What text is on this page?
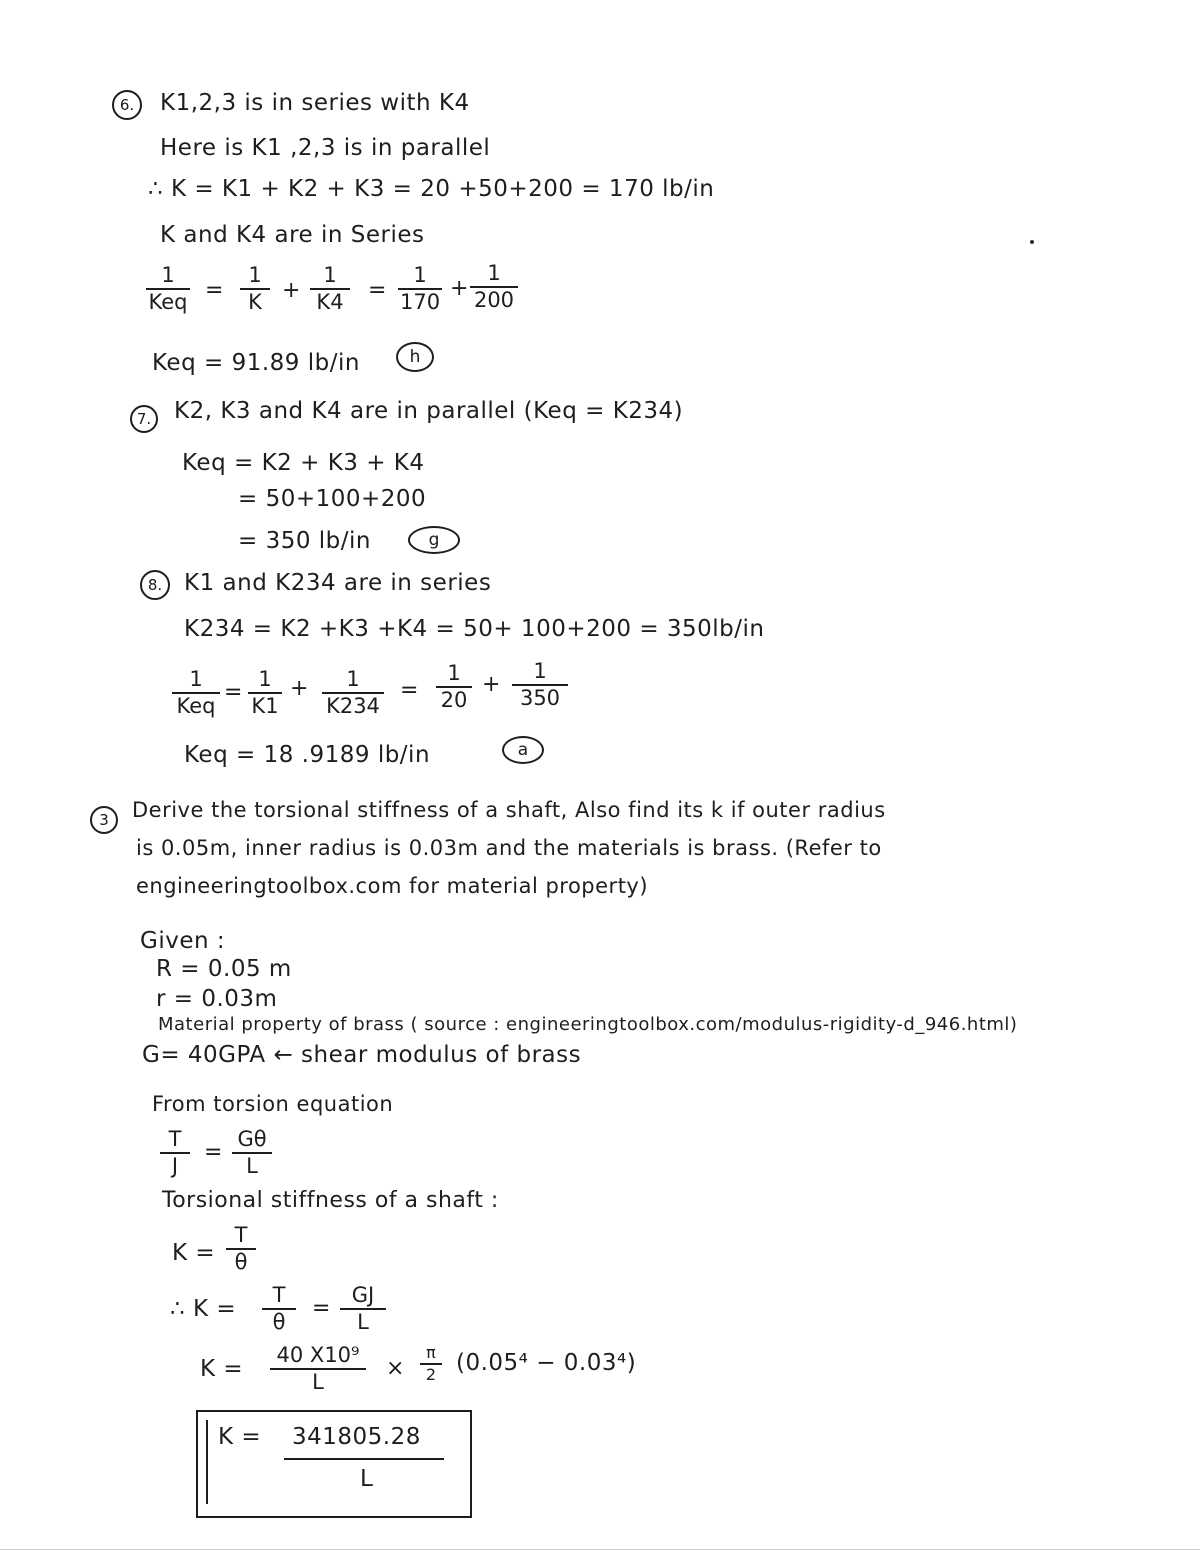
6. K1,2,3 is in series with K4
Here is K1 ,2,3 is in parallel
∴ K = K1 + K2 + K3 = 20 +50+200 = 170 lb/in
K and K4 are in Series
1
Keq =
1
K +
1
K4 =
1
170
+
1
200
Keq = 91.89 lb/in	h
7. K2, K3 and K4 are in parallel (Keq = K234)
Keq = K2 + K3 + K4
= 50+100+200
= 350 lb/in	g
8. K1 and K234 are in series
K234 = K2 +K3 +K4 = 50+ 100+200 = 350lb/in
1
Keq
=
1
K1
+	1
K234
=
1
20
+
1
350
Keq = 18 .9189 lb/in	a
3 Derive the torsional stiffness of a shaft, Also find its k if outer radius
is 0.05m, inner radius is 0.03m and the materials is brass. (Refer to
engineeringtoolbox.com for material property)
Given :
R = 0.05 m
r = 0.03m
Material property of brass ( source : engineeringtoolbox.com/modulus-rigidity-d_946.html)
G= 40GPA ← shear modulus of brass
From torsion equation
T
J
=
Gθ
L
Torsional stiffness of a shaft :
K =
T
θ
∴ K =
T
θ
=
GJ
L
K =
40 X10⁹
L
×
π
2 (0.05⁴ − 0.03⁴)
K = 341805.28
L
